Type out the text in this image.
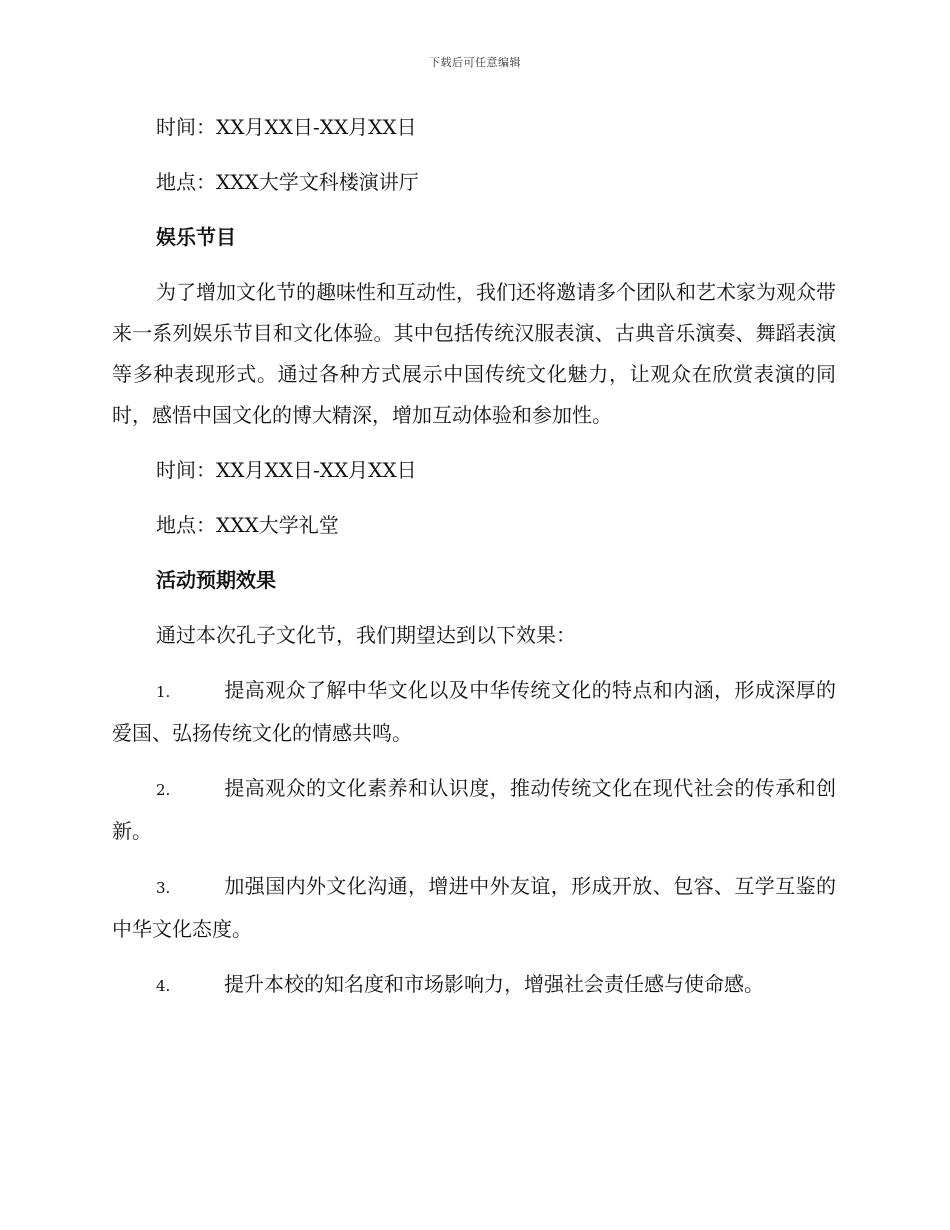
下载后可任意编辑

时间：XX月XX日-XX月XX日

地点：XXX大学文科楼演讲厅

娱乐节目

为了增加文化节的趣味性和互动性，我们还将邀请多个团队和艺术家为观众带来一系列娱乐节目和文化体验。其中包括传统汉服表演、古典音乐演奏、舞蹈表演等多种表现形式。通过各种方式展示中国传统文化魅力，让观众在欣赏表演的同时，感悟中国文化的博大精深，增加互动体验和参加性。

时间：XX月XX日-XX月XX日

地点：XXX大学礼堂

活动预期效果

通过本次孔子文化节，我们期望达到以下效果：

1.	提高观众了解中华文化以及中华传统文化的特点和内涵，形成深厚的爱国、弘扬传统文化的情感共鸣。

2.	提高观众的文化素养和认识度，推动传统文化在现代社会的传承和创新。

3.	加强国内外文化沟通，增进中外友谊，形成开放、包容、互学互鉴的中华文化态度。

4.	提升本校的知名度和市场影响力，增强社会责任感与使命感。
